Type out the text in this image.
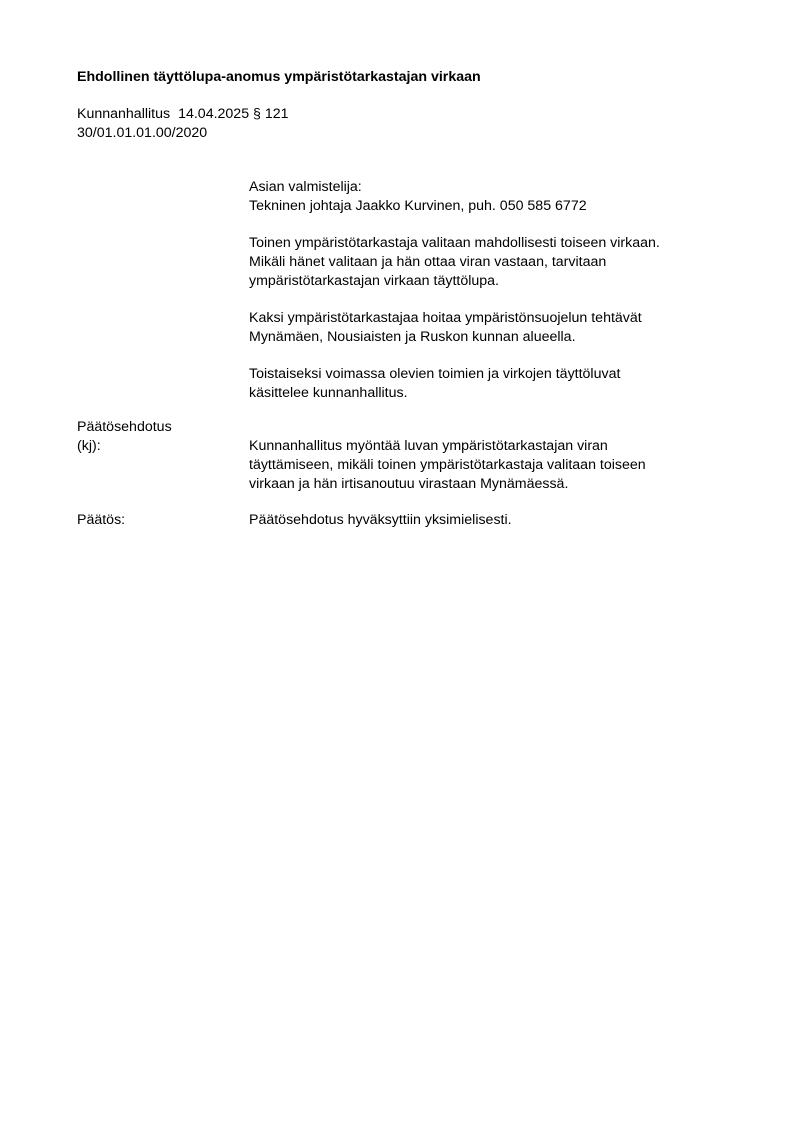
Ehdollinen täyttölupa-anomus ympäristötarkastajan virkaan
Kunnanhallitus 14.04.2025 § 121
30/01.01.01.00/2020
Asian valmistelija:
Tekninen johtaja Jaakko Kurvinen, puh. 050 585 6772
Toinen ympäristötarkastaja valitaan mahdollisesti toiseen virkaan.
Mikäli hänet valitaan ja hän ottaa viran vastaan, tarvitaan
ympäristötarkastajan virkaan täyttölupa.
Kaksi ympäristötarkastajaa hoitaa ympäristönsuojelun tehtävät
Mynämäen, Nousiaisten ja Ruskon kunnan alueella.
Toistaiseksi voimassa olevien toimien ja virkojen täyttöluvat
käsittelee kunnanhallitus.
Päätösehdotus
(kj):	Kunnanhallitus myöntää luvan ympäristötarkastajan viran
täyttämiseen, mikäli toinen ympäristötarkastaja valitaan toiseen
virkaan ja hän irtisanoutuu virastaan Mynämäessä.
Päätös:	Päätösehdotus hyväksyttiin yksimielisesti.
